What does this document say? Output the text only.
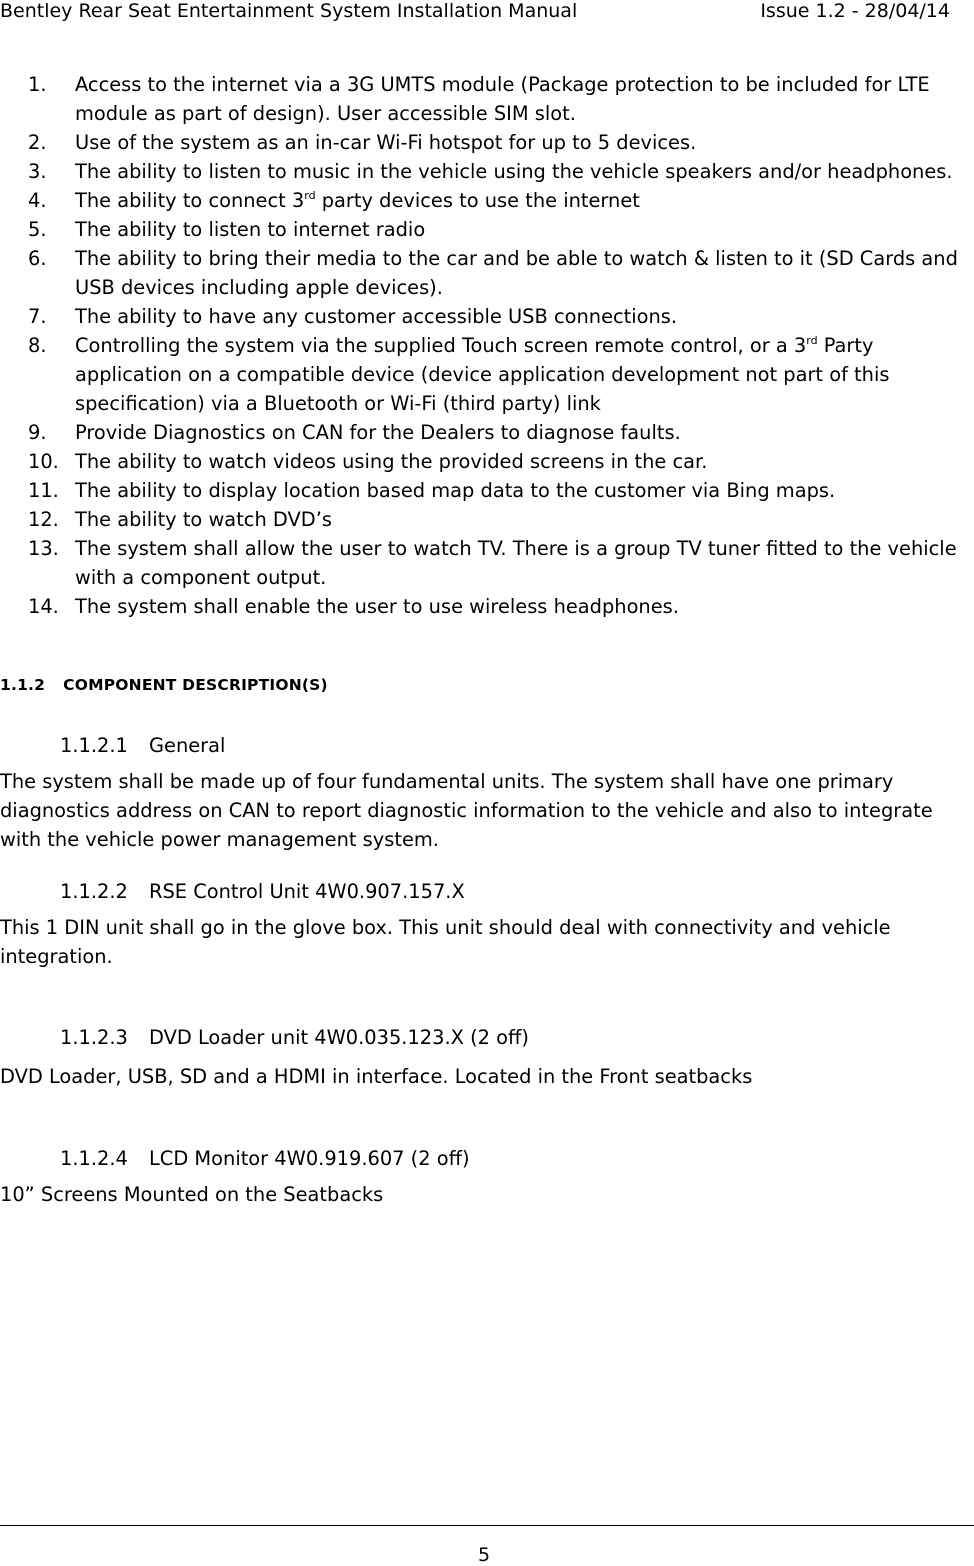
Bentley Rear Seat Entertainment System Installation Manual	Issue 1.2 - 28/04/14
1. Access to the internet via a 3G UMTS module (Package protection to be included for LTE module as part of design). User accessible SIM slot.
2. Use of the system as an in-car Wi-Fi hotspot for up to 5 devices.
3. The ability to listen to music in the vehicle using the vehicle speakers and/or headphones.
4. The ability to connect 3rd party devices to use the internet
5. The ability to listen to internet radio
6. The ability to bring their media to the car and be able to watch & listen to it (SD Cards and USB devices including apple devices).
7. The ability to have any customer accessible USB connections.
8. Controlling the system via the supplied Touch screen remote control, or a 3rd Party application on a compatible device (device application development not part of this specification) via a Bluetooth or Wi-Fi (third party) link
9. Provide Diagnostics on CAN for the Dealers to diagnose faults.
10. The ability to watch videos using the provided screens in the car.
11. The ability to display location based map data to the customer via Bing maps.
12. The ability to watch DVD’s
13. The system shall allow the user to watch TV. There is a group TV tuner fitted to the vehicle with a component output.
14. The system shall enable the user to use wireless headphones.
1.1.2 COMPONENT DESCRIPTION(S)
1.1.2.1 General

The system shall be made up of four fundamental units. The system shall have one primary diagnostics address on CAN to report diagnostic information to the vehicle and also to integrate with the vehicle power management system.

1.1.2.2 RSE Control Unit 4W0.907.157.X

This 1 DIN unit shall go in the glove box. This unit should deal with connectivity and vehicle integration.

1.1.2.3 DVD Loader unit 4W0.035.123.X (2 off)

DVD Loader, USB, SD and a HDMI in interface. Located in the Front seatbacks

1.1.2.4 LCD Monitor 4W0.919.607 (2 off)

10” Screens Mounted on the Seatbacks

5
